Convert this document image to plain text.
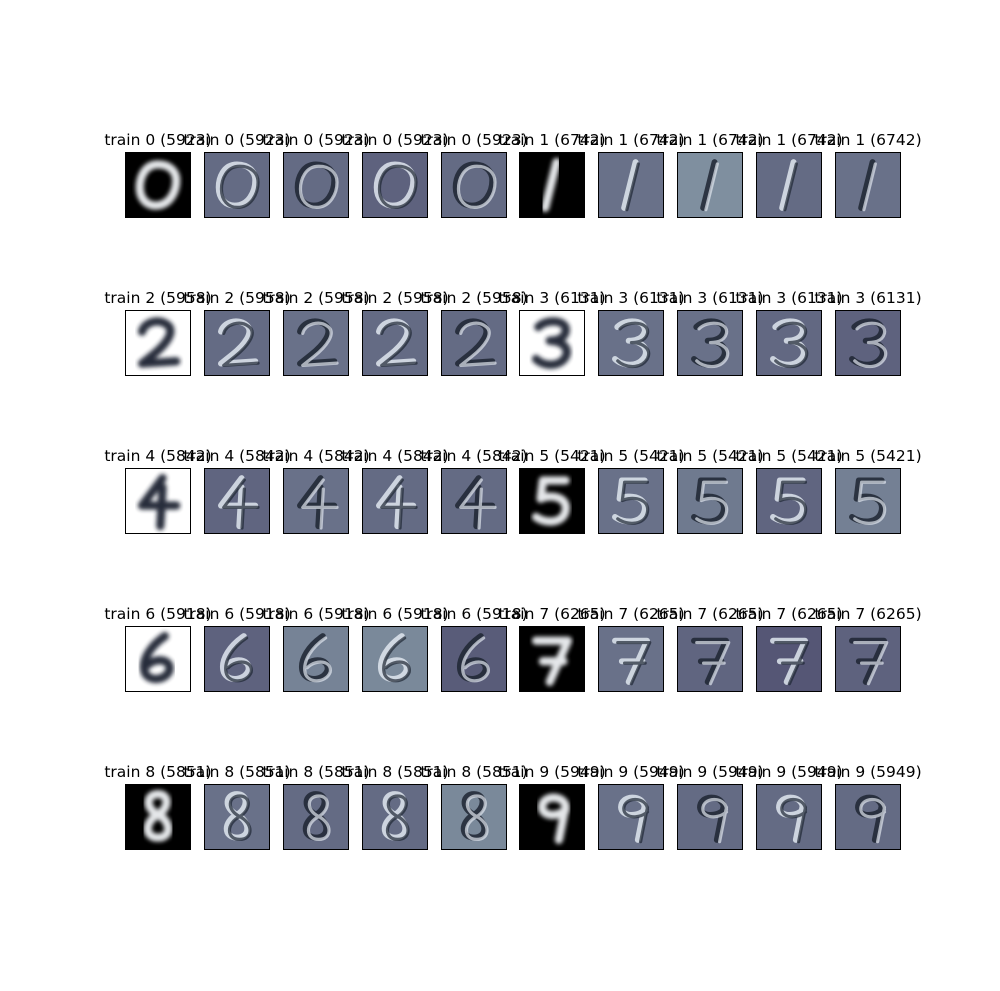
train 0 (5923)
train 0 (5923)
train 0 (5923)
train 0 (5923)
train 0 (5923)
train 1 (6742)
train 1 (6742)
train 1 (6742)
train 1 (6742)
train 1 (6742)
train 2 (5958)
train 2 (5958)
train 2 (5958)
train 2 (5958)
train 2 (5958)
train 3 (6131)
train 3 (6131)
train 3 (6131)
train 3 (6131)
train 3 (6131)
train 4 (5842)
train 4 (5842)
train 4 (5842)
train 4 (5842)
train 4 (5842)
train 5 (5421)
train 5 (5421)
train 5 (5421)
train 5 (5421)
train 5 (5421)
train 6 (5918)
train 6 (5918)
train 6 (5918)
train 6 (5918)
train 6 (5918)
train 7 (6265)
train 7 (6265)
train 7 (6265)
train 7 (6265)
train 7 (6265)
train 8 (5851)
train 8 (5851)
train 8 (5851)
train 8 (5851)
train 8 (5851)
train 9 (5949)
train 9 (5949)
train 9 (5949)
train 9 (5949)
train 9 (5949)
